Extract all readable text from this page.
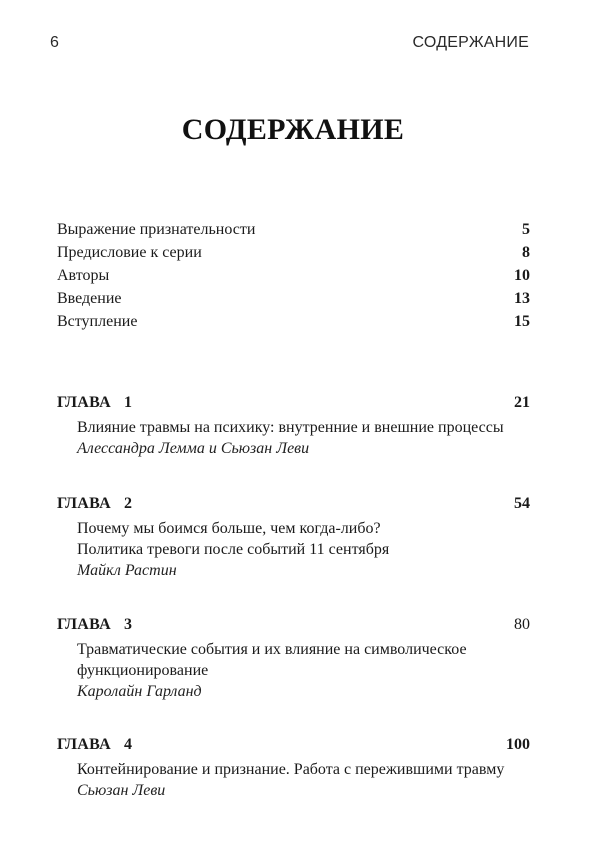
6	СОДЕРЖАНИЕ
СОДЕРЖАНИЕ
Выражение признательности	5
Предисловие к серии	8
Авторы	10
Введение	13
Вступление	15
ГЛАВА 1	21
Влияние травмы на психику: внутренние и внешние процессы
Алессандра Лемма и Сьюзан Леви
ГЛАВА 2	54
Почему мы боимся больше, чем когда-либо?
Политика тревоги после событий 11 сентября
Майкл Растин
ГЛАВА 3	80
Травматические события и их влияние на символическое
функционирование
Каролайн Гарланд
ГЛАВА 4	100
Контейнирование и признание. Работа с пережившими травму
Сьюзан Леви
